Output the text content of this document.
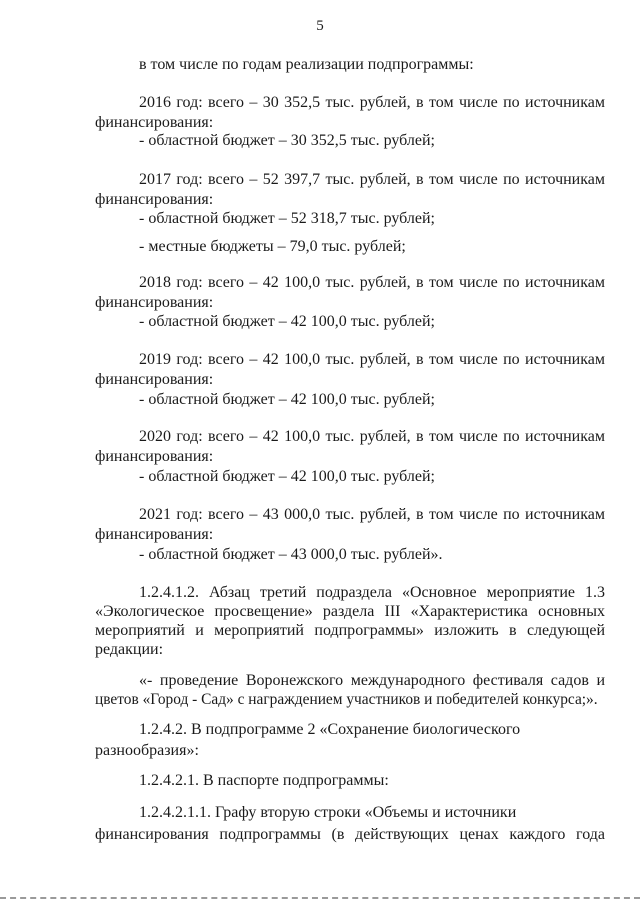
5
в том числе по годам реализации подпрограммы:
2016 год: всего – 30 352,5 тыс. рублей, в том числе по источникам
финансирования:
- областной бюджет – 30 352,5 тыс. рублей;
2017 год: всего – 52 397,7 тыс. рублей, в том числе по источникам
финансирования:
- областной бюджет – 52 318,7 тыс. рублей;
- местные бюджеты – 79,0 тыс. рублей;
2018 год: всего – 42 100,0 тыс. рублей, в том числе по источникам
финансирования:
- областной бюджет – 42 100,0 тыс. рублей;
2019 год: всего – 42 100,0 тыс. рублей, в том числе по источникам
финансирования:
- областной бюджет – 42 100,0 тыс. рублей;
2020 год: всего – 42 100,0 тыс. рублей, в том числе по источникам
финансирования:
- областной бюджет – 42 100,0 тыс. рублей;
2021 год: всего – 43 000,0 тыс. рублей, в том числе по источникам
финансирования:
- областной бюджет – 43 000,0 тыс. рублей».
1.2.4.1.2. Абзац третий подраздела «Основное мероприятие 1.3
«Экологическое просвещение» раздела III «Характеристика основных
мероприятий и мероприятий подпрограммы» изложить в следующей
редакции:
«- проведение Воронежского международного фестиваля садов и
цветов «Город - Сад» с награждением участников и победителей конкурса;».
1.2.4.2. В подпрограмме 2 «Сохранение биологического
разнообразия»:
1.2.4.2.1. В паспорте подпрограммы:
1.2.4.2.1.1. Графу вторую строки «Объемы и источники
финансирования подпрограммы (в действующих ценах каждого года
